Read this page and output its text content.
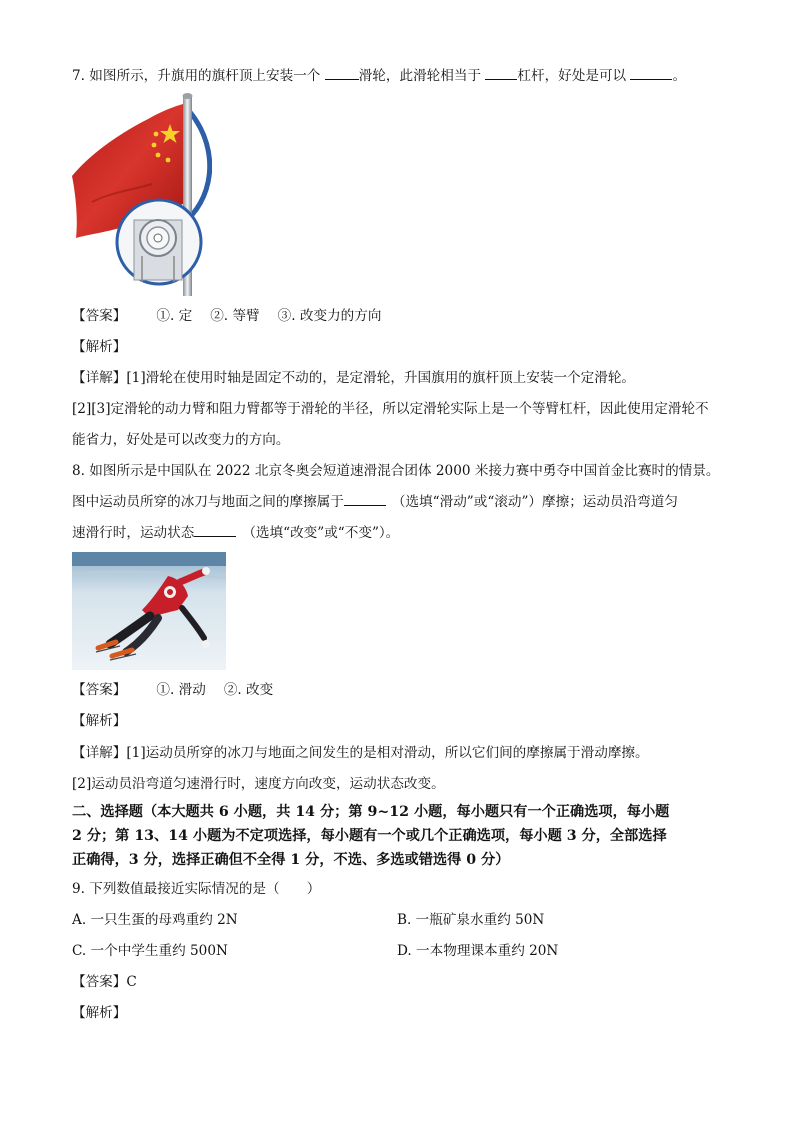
7. 如图所示，升旗用的旗杆顶上安装一个	滑轮，此滑轮相当于 杠杆，好处是可以	。
【答案】 ①. 定 ②. 等臂 ③. 改变力的方向
【解析】
【详解】[1]滑轮在使用时轴是固定不动的，是定滑轮，升国旗用的旗杆顶上安装一个定滑轮。
[2][3]定滑轮的动力臂和阻力臂都等于滑轮的半径，所以定滑轮实际上是一个等臂杠杆，因此使用定滑轮不
能省力，好处是可以改变力的方向。
8. 如图所示是中国队在 2022 北京冬奥会短道速滑混合团体 2000 米接力赛中勇夺中国首金比赛时的情景。
图中运动员所穿的冰刀与地面之间的摩擦属于	（选填“滑动”或“滚动”）摩擦；运动员沿弯道匀
速滑行时，运动状态	（选填“改变”或“不变”）。
【答案】 ①. 滑动 ②. 改变
【解析】
【详解】[1]运动员所穿的冰刀与地面之间发生的是相对滑动，所以它们间的摩擦属于滑动摩擦。
[2]运动员沿弯道匀速滑行时，速度方向改变，运动状态改变。
二、选择题（本大题共 6 小题，共 14 分；第 9~12 小题，每小题只有一个正确选项，每小题
2 分；第 13、14 小题为不定项选择，每小题有一个或几个正确选项，每小题 3 分，全部选择
正确得，3 分，选择正确但不全得 1 分，不选、多选或错选得 0 分）
9. 下列数值最接近实际情况的是（　　）
A. 一只生蛋的母鸡重约 2N	B. 一瓶矿泉水重约 50N
C. 一个中学生重约 500N	D. 一本物理课本重约 20N
【答案】C
【解析】
